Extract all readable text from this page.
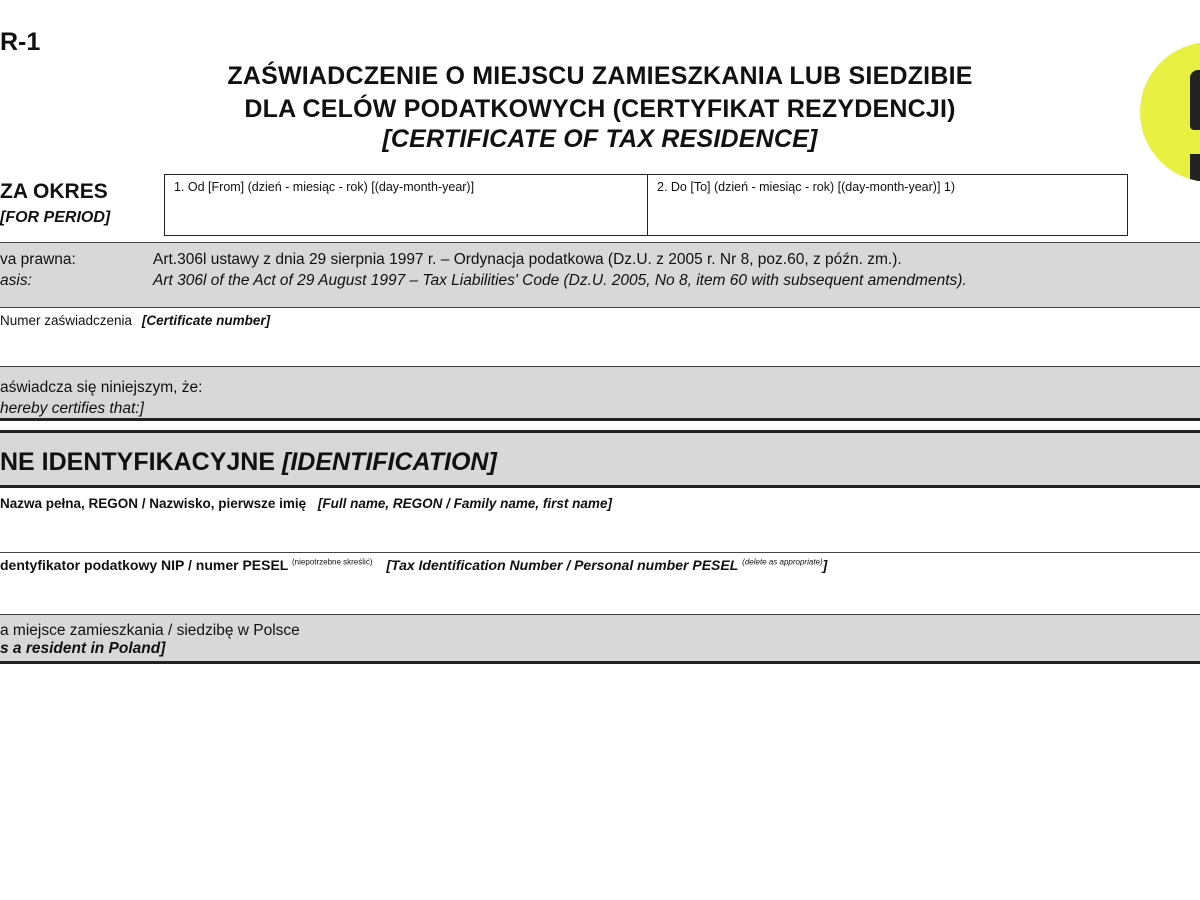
R-1
ZAŚWIADCZENIE O MIEJSCU ZAMIESZKANIA LUB SIEDZIBIE
DLA CELÓW PODATKOWYCH (CERTYFIKAT REZYDENCJI)
[CERTIFICATE OF TAX RESIDENCE]
ZA OKRES
[FOR PERIOD]
1. Od [From] (dzień - miesiąc - rok) [(day-month-year)]	2. Do [To] (dzień - miesiąc - rok) [(day-month-year)] 1)
va prawna:
asis:
Art.306l ustawy z dnia 29 sierpnia 1997 r. – Ordynacja podatkowa (Dz.U. z 2005 r. Nr 8, poz.60, z późn. zm.).
Art 306l of the Act of 29 August 1997 – Tax Liabilities' Code (Dz.U. 2005, No 8, item 60 with subsequent amendments).
Numer zaświadczenia [Certificate number]
aświadcza się niniejszym, że:
hereby certifies that:]
NE IDENTYFIKACYJNE [IDENTIFICATION]
Nazwa pełna, REGON / Nazwisko, pierwsze imię [Full name, REGON / Family name, first name]
dentyfikator podatkowy NIP / numer PESEL $^{(niepotrzebne skreślić)}$ [Tax Identification Number / Personal number PESEL $^{(delete as appropriate)}$]
a miejsce zamieszkania / siedzibę w Polsce
s a resident in Poland]
